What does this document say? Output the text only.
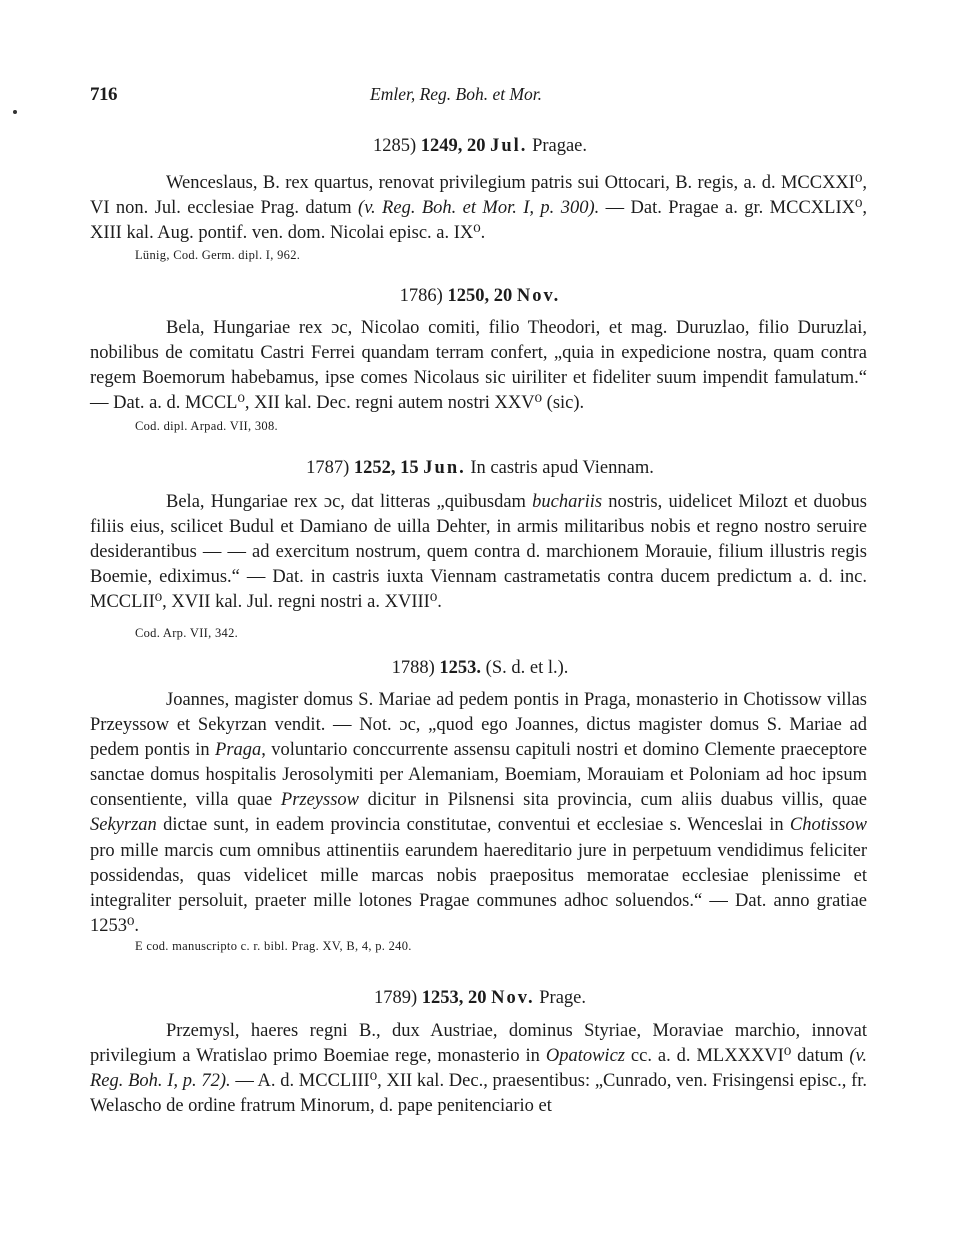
716	Emler, Reg. Boh. et Mor.
1285) 1249, 20 Jul. Pragae.

Wenceslaus, B. rex quartus, renovat privilegium patris sui Ottocari, B. regis, a. d. MCCXXI⁰, VI non. Jul. ecclesiae Prag. datum (v. Reg. Boh. et Mor. I, p. 300). — Dat. Pragae a. gr. MCCXLIX⁰, XIII kal. Aug. pontif. ven. dom. Nicolai episc. a. IX⁰.

Lünig, Cod. Germ. dipl. I, 962.
1786) 1250, 20 Nov.

Bela, Hungariae rex ɔc, Nicolao comiti, filio Theodori, et mag. Duruzlao, filio Duruzlai, nobilibus de comitatu Castri Ferrei quandam terram confert, „quia in expedicione nostra, quam contra regem Boemorum habebamus, ipse comes Nicolaus sic uiriliter et fideliter suum impendit famulatum.“ — Dat. a. d. MCCL⁰, XII kal. Dec. regni autem nostri XXV⁰ (sic).

Cod. dipl. Arpad. VII, 308.
1787) 1252, 15 Jun. In castris apud Viennam.

Bela, Hungariae rex ɔc, dat litteras „quibusdam buchariis nostris, uidelicet Milozt et duobus filiis eius, scilicet Budul et Damiano de uilla Dehter, in armis militaribus nobis et regno nostro seruire desiderantibus — — ad exercitum nostrum, quem contra d. marchionem Morauie, filium illustris regis Boemie, ediximus.“ — Dat. in castris iuxta Viennam castrametatis contra ducem predictum a. d. inc. MCCLII⁰, XVII kal. Jul. regni nostri a. XVIII⁰.

Cod. Arp. VII, 342.
1788) 1253. (S. d. et l.).

Joannes, magister domus S. Mariae ad pedem pontis in Praga, monasterio in Chotissow villas Przeyssow et Sekyrzan vendit. — Not. ɔc, „quod ego Joannes, dictus magister domus S. Mariae ad pedem pontis in Praga, voluntario conccurrente assensu capituli nostri et domino Clemente praeceptore sanctae domus hospitalis Jerosolymiti per Alemaniam, Boemiam, Morauiam et Poloniam ad hoc ipsum consentiente, villa quae Przeyssow dicitur in Pilsnensi sita provincia, cum aliis duabus villis, quae Sekyrzan dictae sunt, in eadem provincia constitutae, conventui et ecclesiae s. Wenceslai in Chotissow pro mille marcis cum omnibus attinentiis earundem haereditario jure in perpetuum vendidimus feliciter possidendas, quas videlicet mille marcas nobis praepositus memoratae ecclesiae plenissime et integraliter persoluit, praeter mille lotones Pragae communes adhoc soluendos.“ — Dat. anno gratiae 1253⁰.

E cod. manuscripto c. r. bibl. Prag. XV, B, 4, p. 240.
1789) 1253, 20 Nov. Prage.

Przemysl, haeres regni B., dux Austriae, dominus Styriae, Moraviae marchio, innovat privilegium a Wratislao primo Boemiae rege, monasterio in Opatowicz cc. a. d. MLXXXVI⁰ datum (v. Reg. Boh. I, p. 72). — A. d. MCCLIII⁰, XII kal. Dec., praesentibus: „Cunrado, ven. Frisingensi episc., fr. Welascho de ordine fratrum Minorum, d. pape penitenciario et
